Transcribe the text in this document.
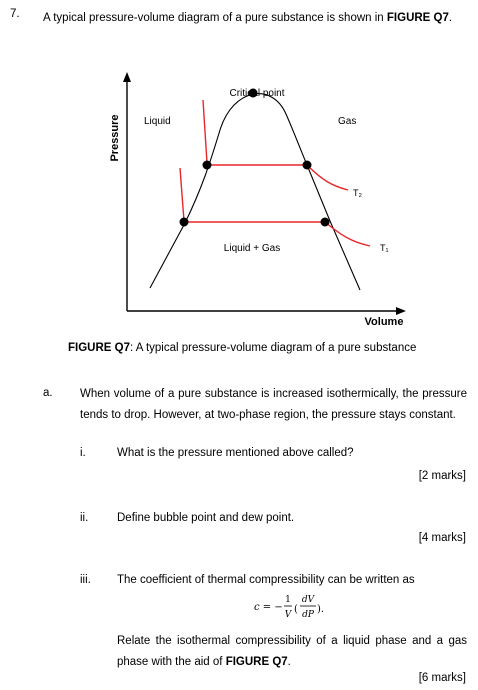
7. A typical pressure-volume diagram of a pure substance is shown in FIGURE Q7.
Pressure
Volume
T₂
T₁
Critical point
Liquid	Gas
Liquid + Gas
FIGURE Q7: A typical pressure-volume diagram of a pure substance
a. When volume of a pure substance is increased isothermically, the pressure tends to drop. However, at two-phase region, the pressure stays constant.
i.	What is the pressure mentioned above called?
[2 marks]
ii. Define bubble point and dew point.
[4 marks]
iii. The coefficient of thermal compressibility can be written as
c = −
1
V (
dV
dP ).
Relate the isothermal compressibility of a liquid phase and a gas phase with the aid of FIGURE Q7.
[6 marks]
